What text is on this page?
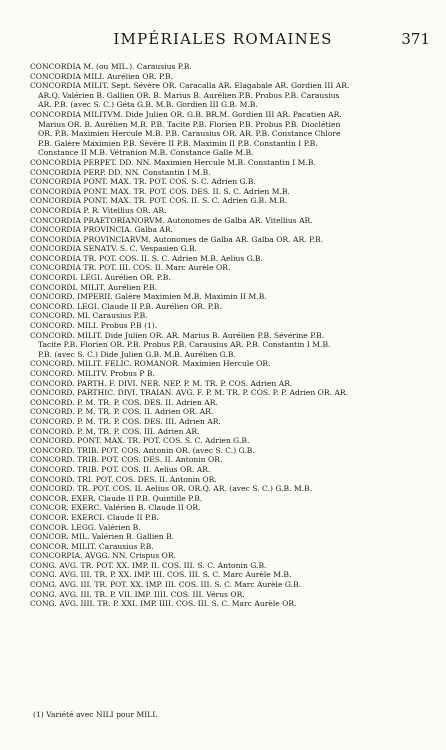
IMPÉRIALES ROMAINES	371
CONCORDIA M. (ou MIL.). Carausius P.B.
CONCORDIA MILI. Aurélien OR. P.B.
CONCORDIA MILIT. Sept. Sévère OR. Caracalla AR. Elagabale AR. Gordien III AR.
AR.Q. Valérien B. Gallien OR. B. Marius B. Aurélien P.B. Probus P.B. Carausius
AR. P.B. (avec S. C.) Géta G.B. M.B. Gordien III G.B. M.B.
CONCORDIA MILITVM. Dide Julien OR. G.B. BR.M. Gordien III AR. Pacatien AR.
Marius OR. B. Aurélien M.B. P.B. Tacite P.B. Florien P.B. Probus P.B. Dioclétien
OR. P.B. Maximien Hercule M.B. P.B. Carausius OR. AR. P.B. Constance Chlore
P.B. Galère Maximien P.B. Sévère II P.B. Maximin II P.B. Constantin I P.B.
Constance II M.B. Vétranion M.B. Constance Galle M.B.
CONCORDIA PERPET. DD. NN. Maximien Hercule M.B. Constantin I M.B.
CONCORDIA PERP. DD. NN. Constantin I M.B.
CONCORDIA PONT. MAX. TR. POT. COS. S. C. Adrien G.B.
CONCORDIA PONT. MAX. TR. POT. COS. DES. II. S. C. Adrien M.B.
CONCORDIA PONT. MAX. TR. POT. COS. II. S. C. Adrien G.B. M.B.
CONCORDIA P. R. Vitellius OR. AR.
CONCORDIA PRAETORIANORVM. Autonomes de Galba AR. Vitellius AR.
CONCORDIA PROVINCIA. Galba AR.
CONCORDIA PROVINCIARVM. Autonomes de Galba AR. Galba OR. AR. P.B.
CONCORDIA SENATV. S. C. Vespasien G.B.
CONCORDIA TR. POT. COS. II. S. C. Adrien M.B. Aelius G.B.
CONCORDIA TR. POT. III. COS. II. Marc Aurèle OR.
CONCORDI. LEGI. Aurélien OR. P.B.
CONCORDI. MILIT. Aurélien P.B.
CONCORD. IMPERII. Galère Maximien M.B. Maximin II M.B.
CONCORD. LEGI. Claude II P.B. Aurélien OR. P.B.
CONCORD. MI. Carausius P.B.
CONCORD. MILI. Probus P.B (1).
CONCORD. MILIT. Dide Julien OR. AR. Marius B. Aurélien P.B. Sévérine P.B.
Tacite P.B. Florien OR. P.B. Probus P.B. Carausius AR. P.B. Constantin I M.B.
P.B. (avec S. C.) Dide Julien G.B. M.B. Aurélien G.B.
CONCORD. MILIT. FELIC. ROMANOR. Maximien Hercule OR.
CONCORD. MILITV. Probus P B.
CONCORD. PARTH. F. DIVI. NER. NEP. P. M. TR. P. COS. Adrien AR.
CONCORD. PARTHIC. DIVI. TRAIAN. AVG. F. P. M. TR. P. COS. P. P. Adrien OR. AR.
CONCORD. P. M. TR. P. COS. DES. II. Adrien AR.
CONCORD. P. M. TR. P. COS. II. Adrien OR. AR.
CONCORD. P. M. TR. P. COS. DES. III. Adrien AR.
CONCORD. P. M. TR. P. COS. III. Adrien AR.
CONCORD. PONT. MAX. TR. POT. COS. S. C. Adrien G.B.
CONCORD. TRIB. POT. COS. Antonin OR. (avec S. C.) G.B.
CONCORD. TRIB. POT. COS. DES. II. Antonin OR.
CONCORD. TRIB. POT. COS. II. Aelius OR. AR.
CONCORD. TRI. POT. COS. DES. II. Antonin OR.
CONCORD. TR. POT. COS. II. Aelius OR. OR.Q. AR. (avec S. C.) G.B. M.B.
CONCOR. EXER. Claude II P.B. Quintille P.B.
CONCOR. EXERC. Valérien B. Claude II OR.
CONCOR. EXERCI. Claude II P.B.
CONCOR. LEGG. Valérien B.
CONCOR. MIL. Valérien B. Gallien B.
CONCOR. MILIT. Carausius P.B.
CONCORPIA. AVGG. NN. Crispus OR.
CONG. AVG. TR. POT. XX. IMP. II. COS. III. S. C. Antonin G.B.
CONG. AVG. III. TR. P. XX. IMP. III. COS. III. S. C. Marc Aurèle M.B.
CONG. AVG. III. TR. POT. XX. IMP. III. COS. III. S. C. Marc Aurèle G.B.
CONG. AVG. III. TR. P. VII. IMP. IIII. COS. III. Vérus OR.
CONG. AVG. IIII. TR. P. XXI. IMP. IIII. COS. III. S. C. Marc Aurèle OR.
(1) Variété avec NILI pour MILI.
